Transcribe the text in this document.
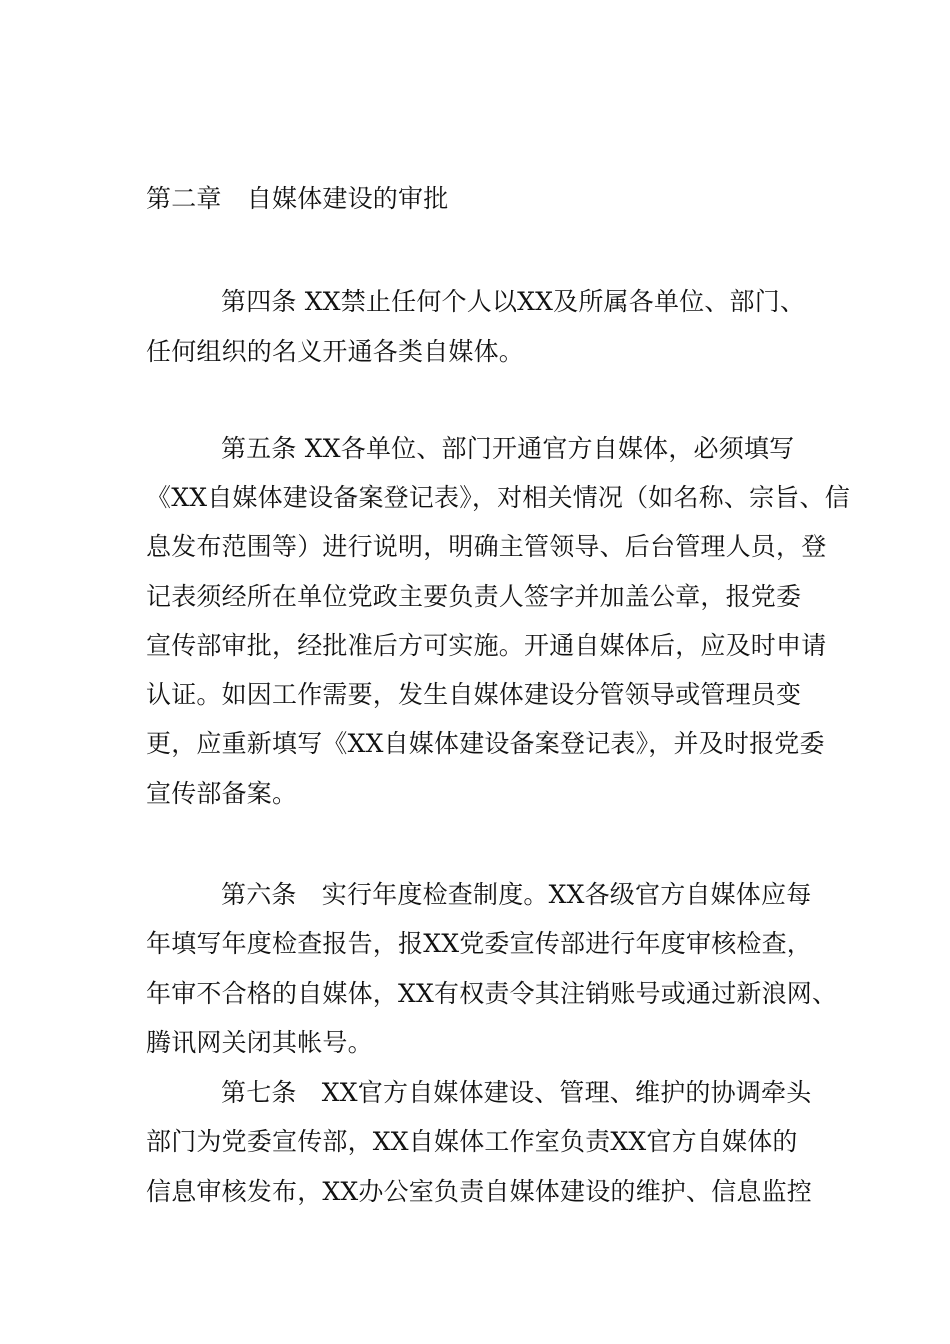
第二章　自媒体建设的审批
第四条 XX禁止任何个人以XX及所属各单位、部门、
任何组织的名义开通各类自媒体。
第五条 XX各单位、部门开通官方自媒体，必须填写
《XX自媒体建设备案登记表》，对相关情况（如名称、宗旨、信
息发布范围等）进行说明，明确主管领导、后台管理人员，登
记表须经所在单位党政主要负责人签字并加盖公章，报党委
宣传部审批，经批准后方可实施。开通自媒体后，应及时申请
认证。如因工作需要，发生自媒体建设分管领导或管理员变
更，应重新填写《XX自媒体建设备案登记表》，并及时报党委
宣传部备案。
第六条　实行年度检查制度。XX各级官方自媒体应每
年填写年度检查报告，报XX党委宣传部进行年度审核检查，
年审不合格的自媒体，XX有权责令其注销账号或通过新浪网、
腾讯网关闭其帐号。
第七条　XX官方自媒体建设、管理、维护的协调牵头
部门为党委宣传部，XX自媒体工作室负责XX官方自媒体的
信息审核发布，XX办公室负责自媒体建设的维护、信息监控
